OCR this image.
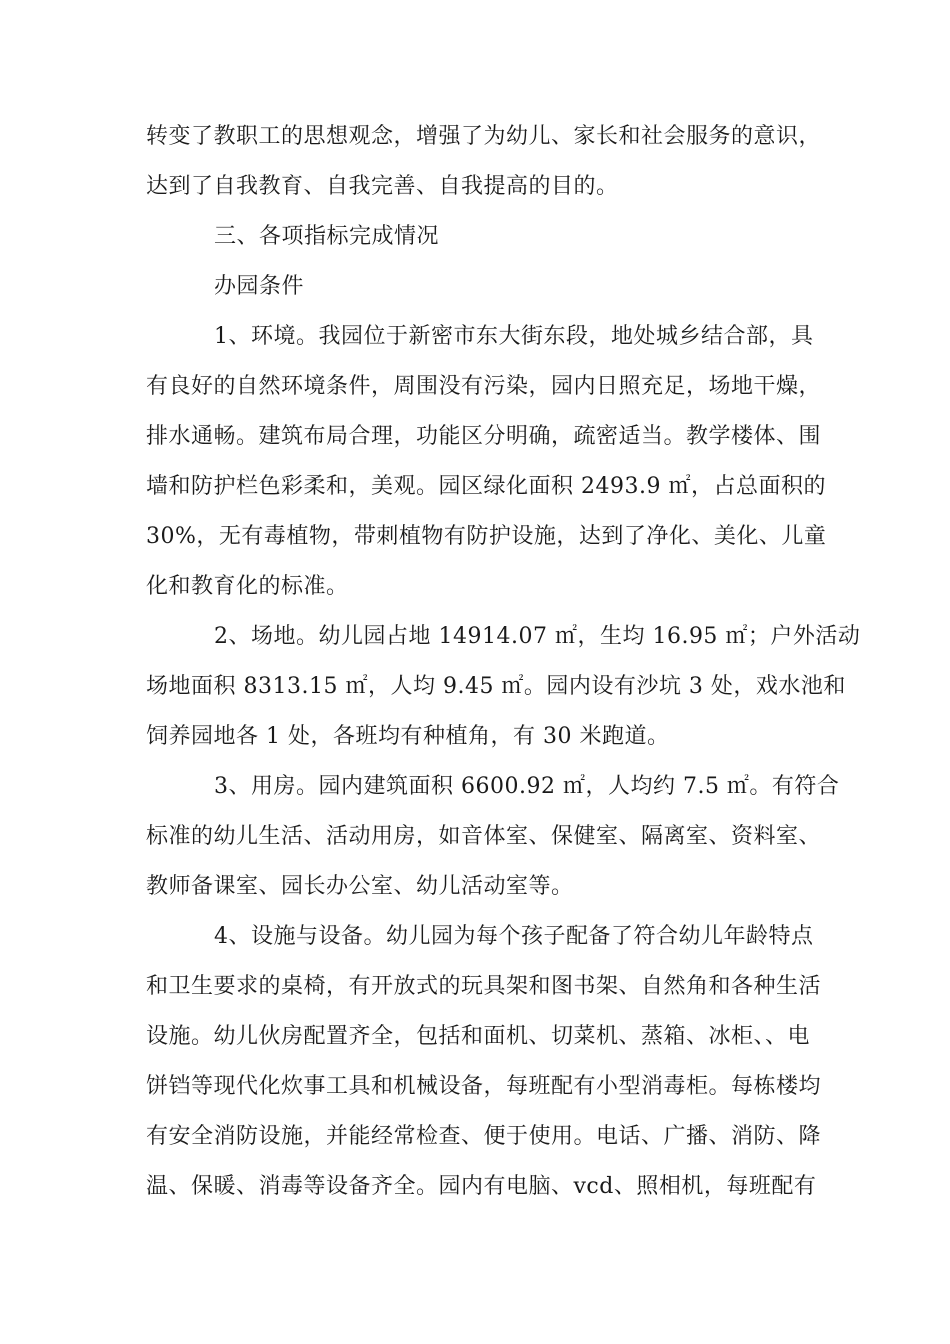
转变了教职工的思想观念，增强了为幼儿、家长和社会服务的意识，
达到了自我教育、自我完善、自我提高的目的。
三、各项指标完成情况
办园条件
1、环境。我园位于新密市东大街东段，地处城乡结合部，具
有良好的自然环境条件，周围没有污染，园内日照充足，场地干燥，
排水通畅。建筑布局合理，功能区分明确，疏密适当。教学楼体、围
墙和防护栏色彩柔和，美观。园区绿化面积 2493.9 ㎡，占总面积的
30%，无有毒植物，带刺植物有防护设施，达到了净化、美化、儿童
化和教育化的标准。
2、场地。幼儿园占地 14914.07 ㎡，生均 16.95 ㎡；户外活动
场地面积 8313.15 ㎡，人均 9.45 ㎡。园内设有沙坑 3 处，戏水池和
饲养园地各 1 处，各班均有种植角，有 30 米跑道。
3、用房。园内建筑面积 6600.92 ㎡，人均约 7.5 ㎡。有符合
标准的幼儿生活、活动用房，如音体室、保健室、隔离室、资料室、
教师备课室、园长办公室、幼儿活动室等。
4、设施与设备。幼儿园为每个孩子配备了符合幼儿年龄特点
和卫生要求的桌椅，有开放式的玩具架和图书架、自然角和各种生活
设施。幼儿伙房配置齐全，包括和面机、切菜机、蒸箱、冰柜、、电
饼铛等现代化炊事工具和机械设备，每班配有小型消毒柜。每栋楼均
有安全消防设施，并能经常检查、便于使用。电话、广播、消防、降
温、保暖、消毒等设备齐全。园内有电脑、vcd、照相机，每班配有
